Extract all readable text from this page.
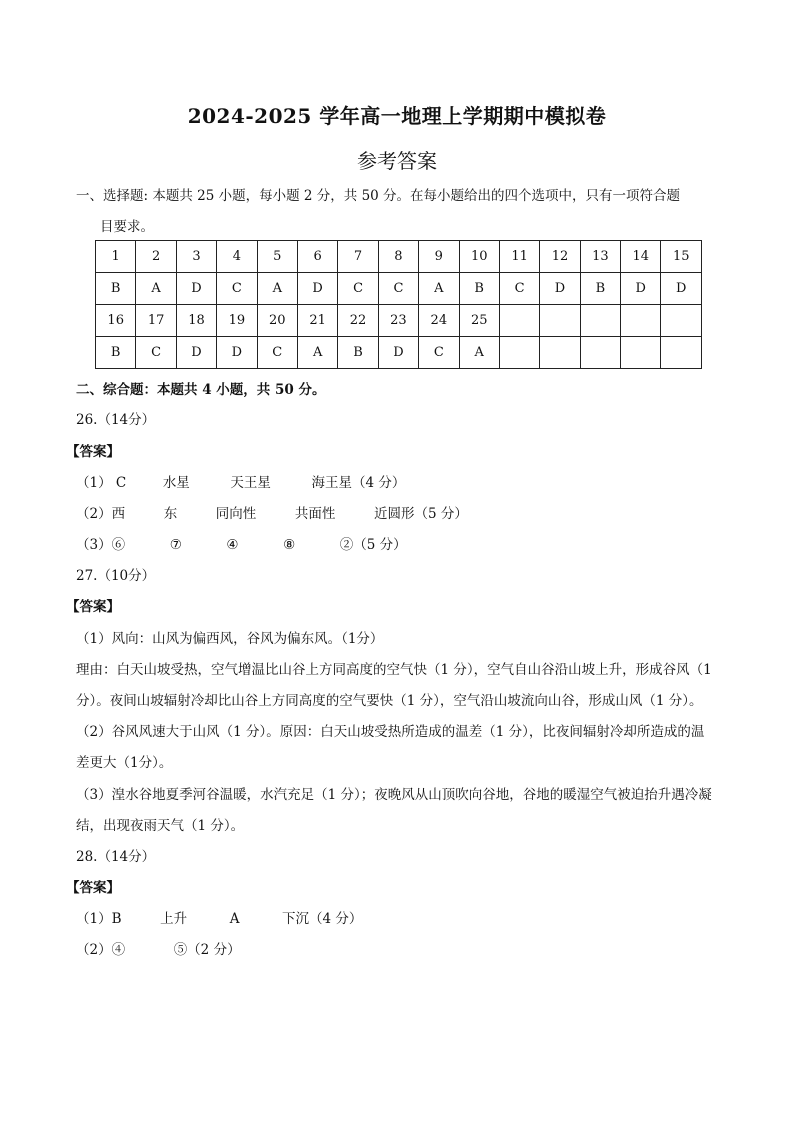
2024-2025 学年高一地理上学期期中模拟卷
参考答案
一、选择题: 本题共 25 小题，每小题 2 分，共 50 分。在每小题给出的四个选项中，只有一项符合题
目要求。
1	2	3	4	5	6	7	8	9	10	11	12	13	14	15
B	A	D	C	A	D	C	C	A	B	C	D	B	D	D
16	17	18	19	20	21	22	23	24	25					
B	C	D	D	C	A	B	D	C	A					
二、综合题：本题共 4 小题，共 50 分。
26.（14分）
【答案】
（1） C	水星	天王星	海王星（4 分）
（2）西	东	同向性	共面性	近圆形（5 分）
（3）⑥	⑦	④	⑧	②（5 分）
27.（10分）
【答案】
（1）风向：山风为偏西风，谷风为偏东风。（1分）
理由：白天山坡受热，空气增温比山谷上方同高度的空气快（1 分），空气自山谷沿山坡上升，形成谷风（1
分）。夜间山坡辐射冷却比山谷上方同高度的空气要快（1 分），空气沿山坡流向山谷，形成山风（1 分）。
（2）谷风风速大于山风（1 分）。原因：白天山坡受热所造成的温差（1 分），比夜间辐射冷却所造成的温
差更大（1分）。
（3）湟水谷地夏季河谷温暖，水汽充足（1 分）；夜晚风从山顶吹向谷地，谷地的暖湿空气被迫抬升遇冷凝
结，出现夜雨天气（1 分）。
28.（14分）
【答案】
（1）B	上升	A	下沉（4 分）
（2）④	⑤（2 分）
